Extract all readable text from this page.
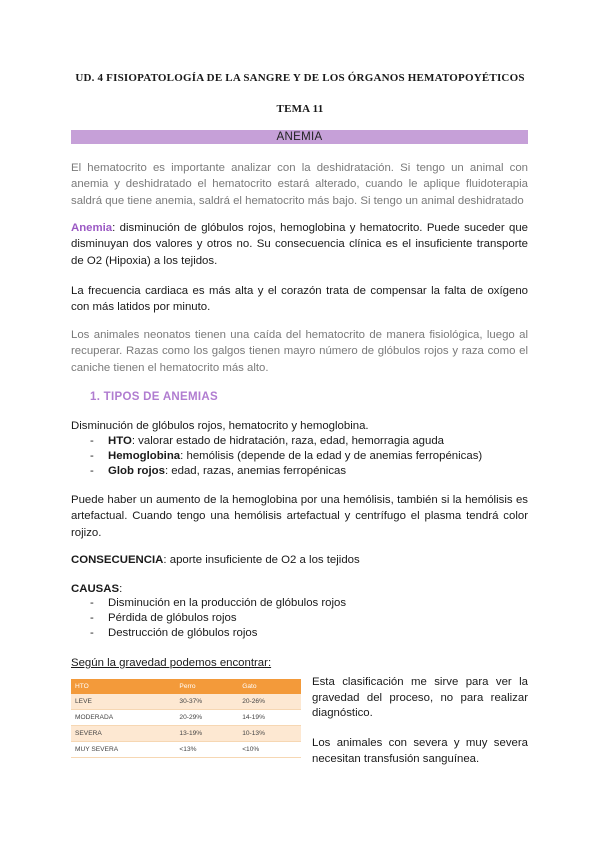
UD. 4 FISIOPATOLOGÍA DE LA SANGRE Y DE LOS ÓRGANOS HEMATOPOYÉTICOS
TEMA 11
ANEMIA

El hematocrito es importante analizar con la deshidratación. Si tengo un animal con anemia y deshidratado el hematocrito estará alterado, cuando le aplique fluidoterapia saldrá que tiene anemia, saldrá el hematocrito más bajo. Si tengo un animal deshidratado

Anemia: disminución de glóbulos rojos, hemoglobina y hematocrito. Puede suceder que disminuyan dos valores y otros no. Su consecuencia clínica es el insuficiente transporte de O2 (Hipoxia) a los tejidos.

La frecuencia cardiaca es más alta y el corazón trata de compensar la falta de oxígeno con más latidos por minuto.

Los animales neonatos tienen una caída del hematocrito de manera fisiológica, luego al recuperar. Razas como los galgos tienen mayro número de glóbulos rojos y raza como el caniche tienen el hematocrito más alto.

1. TIPOS DE ANEMIAS

Disminución de glóbulos rojos, hematocrito y hemoglobina.

- HTO: valorar estado de hidratación, raza, edad, hemorragia aguda
- Hemoglobina: hemólisis (depende de la edad y de anemias ferropénicas)
- Glob rojos: edad, razas, anemias ferropénicas

Puede haber un aumento de la hemoglobina por una hemólisis, también si la hemólisis es artefactual. Cuando tengo una hemólisis artefactual y centrífugo el plasma tendrá color rojizo.

CONSECUENCIA: aporte insuficiente de O2 a los tejidos

CAUSAS:

- Disminución en la producción de glóbulos rojos
- Pérdida de glóbulos rojos
- Destrucción de glóbulos rojos

Según la gravedad podemos encontrar:

HTO	Perro	Gato
LEVE	30-37%	20-26%
MODERADA	20-29%	14-19%
SEVERA	13-19%	10-13%
MUY SEVERA	<13%	<10%

Esta clasificación me sirve para ver la gravedad del proceso, no para realizar diagnóstico.

Los animales con severa y muy severa necesitan transfusión sanguínea.
